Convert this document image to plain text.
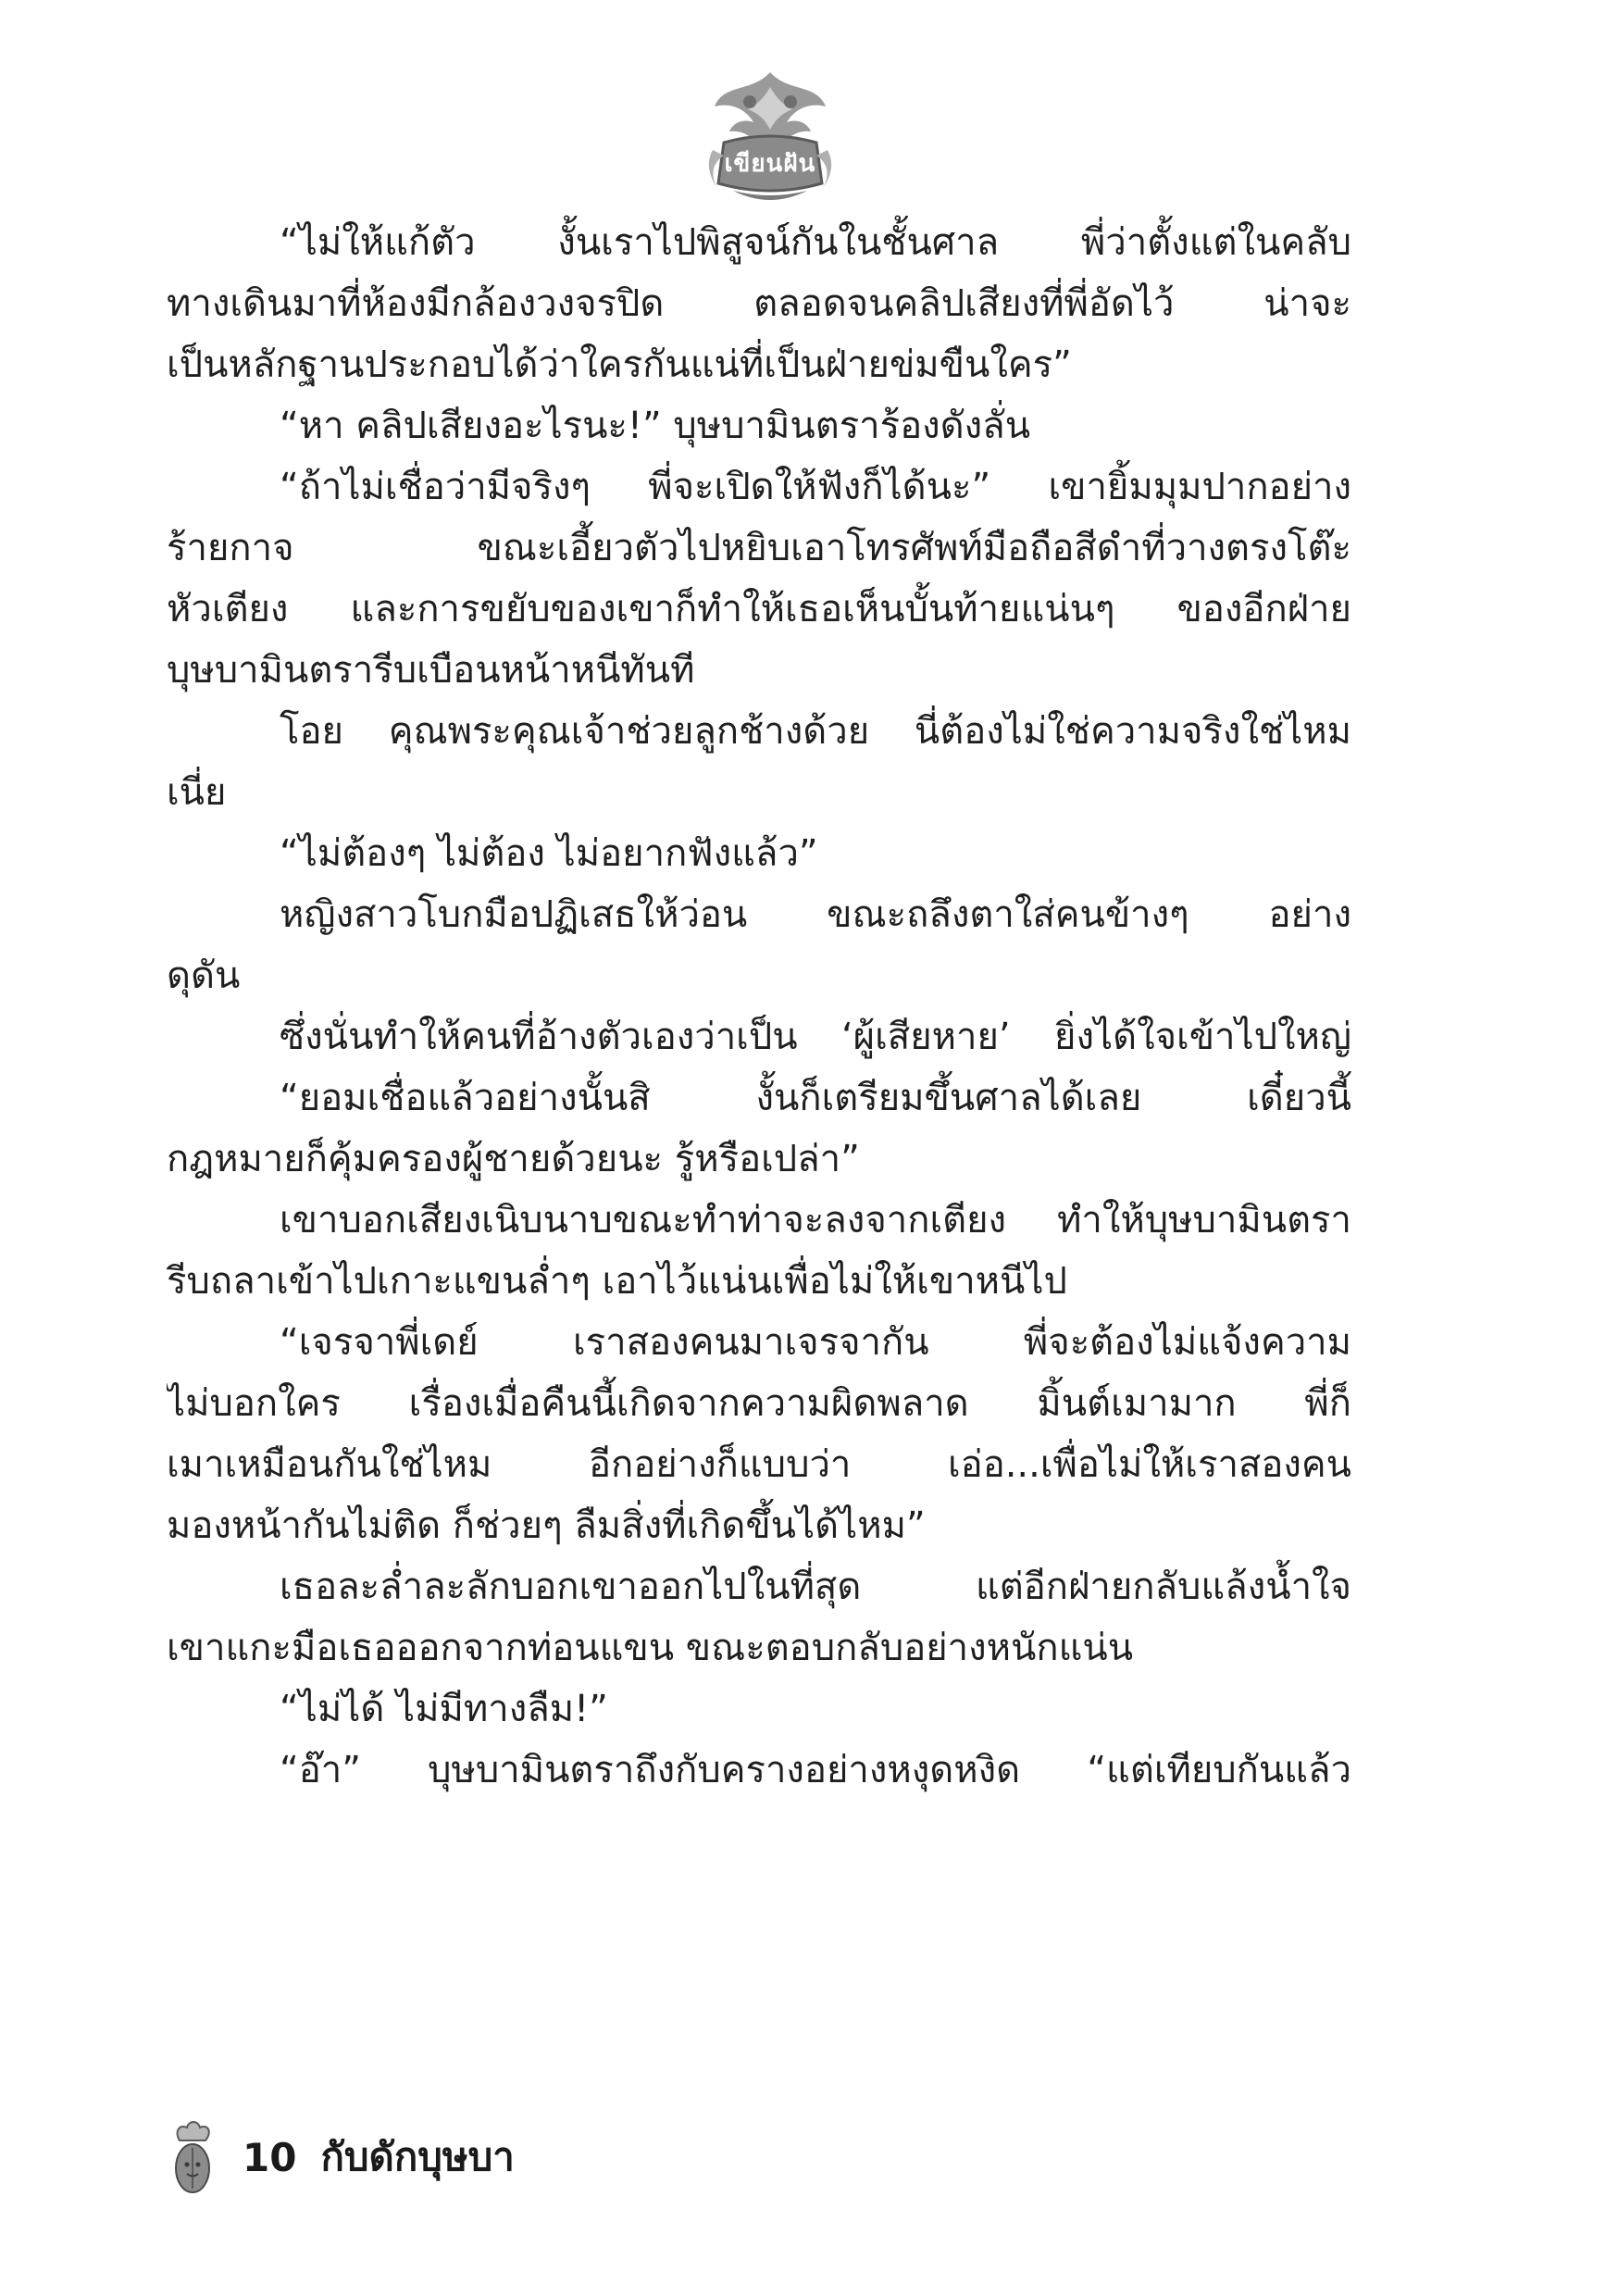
เขียนฝัน
“ไม่ให้แก้ตัว งั้นเราไปพิสูจน์กันในชั้นศาล พี่ว่าตั้งแต่ในคลับ
ทางเดินมาที่ห้องมีกล้องวงจรปิด ตลอดจนคลิปเสียงที่พี่อัดไว้ น่าจะ
เป็นหลักฐานประกอบได้ว่าใครกันแน่ที่เป็นฝ่ายข่มขืนใคร”
“หา คลิปเสียงอะไรนะ!” บุษบามินตราร้องดังลั่น
“ถ้าไม่เชื่อว่ามีจริงๆ พี่จะเปิดให้ฟังก็ได้นะ” เขายิ้มมุมปากอย่าง
ร้ายกาจ ขณะเอี้ยวตัวไปหยิบเอาโทรศัพท์มือถือสีดำที่วางตรงโต๊ะ
หัวเตียง และการขยับของเขาก็ทำให้เธอเห็นบั้นท้ายแน่นๆ ของอีกฝ่าย
บุษบามินตรารีบเบือนหน้าหนีทันที
โอย คุณพระคุณเจ้าช่วยลูกช้างด้วย นี่ต้องไม่ใช่ความจริงใช่ไหม
เนี่ย
“ไม่ต้องๆ ไม่ต้อง ไม่อยากฟังแล้ว”
หญิงสาวโบกมือปฏิเสธให้ว่อน ขณะถลึงตาใส่คนข้างๆ อย่าง
ดุดัน
ซึ่งนั่นทำให้คนที่อ้างตัวเองว่าเป็น ‘ผู้เสียหาย’ ยิ่งได้ใจเข้าไปใหญ่
“ยอมเชื่อแล้วอย่างนั้นสิ งั้นก็เตรียมขึ้นศาลได้เลย เดี๋ยวนี้
กฎหมายก็คุ้มครองผู้ชายด้วยนะ รู้หรือเปล่า”
เขาบอกเสียงเนิบนาบขณะทำท่าจะลงจากเตียง ทำให้บุษบามินตรา
รีบถลาเข้าไปเกาะแขนล่ำๆ เอาไว้แน่นเพื่อไม่ให้เขาหนีไป
“เจรจาพี่เดย์ เราสองคนมาเจรจากัน พี่จะต้องไม่แจ้งความ
ไม่บอกใคร เรื่องเมื่อคืนนี้เกิดจากความผิดพลาด มิ้นต์เมามาก พี่ก็
เมาเหมือนกันใช่ไหม อีกอย่างก็แบบว่า เอ่อ...เพื่อไม่ให้เราสองคน
มองหน้ากันไม่ติด ก็ช่วยๆ ลืมสิ่งที่เกิดขึ้นได้ไหม”
เธอละล่ำละลักบอกเขาออกไปในที่สุด แต่อีกฝ่ายกลับแล้งน้ำใจ
เขาแกะมือเธอออกจากท่อนแขน ขณะตอบกลับอย่างหนักแน่น
“ไม่ได้ ไม่มีทางลืม!”
“อ๊า” บุษบามินตราถึงกับครางอย่างหงุดหงิด “แต่เทียบกันแล้ว
10 กับดักบุษบา
